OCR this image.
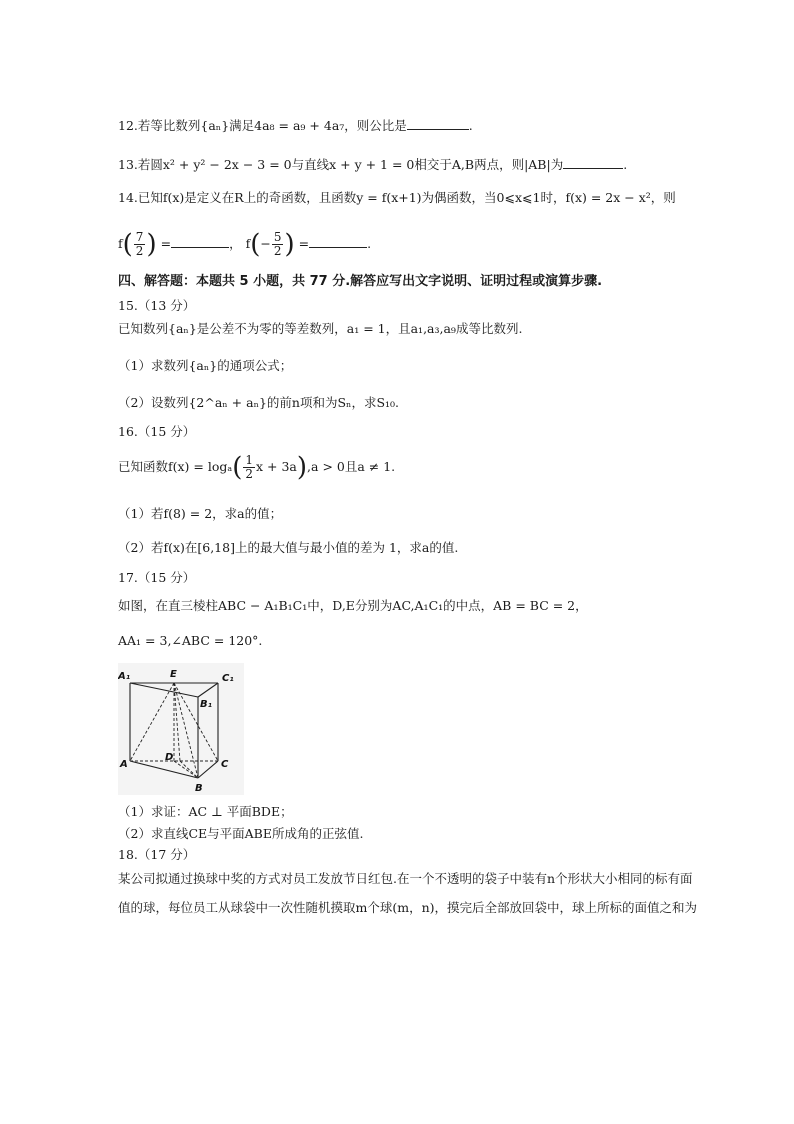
12.若等比数列{aₙ}满足4a₈ = a₉ + 4a₇，则公比是	.
13.若圆x² + y² − 2x − 3 = 0与直线x + y + 1 = 0相交于A,B两点，则|AB|为	.
14.已知f(x)是定义在R上的奇函数，且函数y = f(x+1)为偶函数，当0⩽x⩽1时，f(x) = 2x − x²，则
$f( \frac{7}{2}$ ) =	， $f(- \frac{5}{2}$ ) =	.
四、解答题：本题共 5 小题，共 77 分.解答应写出文字说明、证明过程或演算步骤.
15.（13 分）
已知数列{aₙ}是公差不为零的等差数列，a₁ = 1，且a₁,a₃,a₉成等比数列.
（1）求数列{aₙ}的通项公式；
（2）设数列{2^aₙ + aₙ}的前n项和为Sₙ，求S₁₀.
16.（15 分）
已知函数$f(x) = \log_a( \frac{1}{2}$ x + 3a),a > 0且a ≠ 1.
（1）若f(8) = 2，求a的值；
（2）若f(x)在[6,18]上的最大值与最小值的差为 1，求a的值.
17.（15 分）
如图，在直三棱柱ABC − A₁B₁C₁中，D,E分别为AC,A₁C₁的中点，AB = BC = 2，
AA₁ = 3,∠ABC = 120°.
A₁	E	C₁
B₁
D
A	C
B
（1）求证：AC ⊥ 平面BDE；
（2）求直线CE与平面ABE所成角的正弦值.
18.（17 分）
某公司拟通过换球中奖的方式对员工发放节日红包.在一个不透明的袋子中装有n个形状大小相同的标有面
值的球，每位员工从球袋中一次性随机摸取m个球(m，n)，摸完后全部放回袋中，球上所标的面值之和为
